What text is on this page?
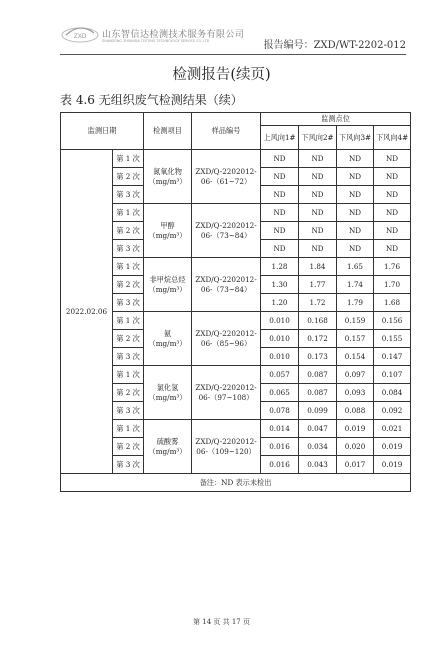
ZXD 山东智信达检测技术服务有限公司
SHANDONG ZHIXINDA TESTING TECHNOLOGY SERVICE CO.,LTD	报告编号：ZXD/WT-2202-012
检测报告(续页)
表 4.6 无组织废气检测结果（续）
监测日期		检测项目	样品编号	监测点位			
				上风向1#	下风向2#	下风向3#	下风向4#
2022.02.06	第 1 次	氮氧化物（mg/m³）	ZXD/Q-2202012-06-（61~72）	ND	ND	ND	ND
	第 2 次			ND	ND	ND	ND
	第 3 次			ND	ND	ND	ND
	第 1 次	甲醇（mg/m³）	ZXD/Q-2202012-06-（73~84）	ND	ND	ND	ND
	第 2 次			ND	ND	ND	ND
	第 3 次			ND	ND	ND	ND
	第 1 次	非甲烷总烃（mg/m³）	ZXD/Q-2202012-06-（73~84）	1.28	1.84	1.65	1.76
	第 2 次			1.30	1.77	1.74	1.70
	第 3 次			1.20	1.72	1.79	1.68
	第 1 次	氨（mg/m³）	ZXD/Q-2202012-06-（85~96）	0.010	0.168	0.159	0.156
	第 2 次			0.010	0.172	0.157	0.155
	第 3 次			0.010	0.173	0.154	0.147
	第 1 次	氯化氢（mg/m³）	ZXD/Q-2202012-06-（97~108）	0.057	0.087	0.097	0.107
	第 2 次			0.065	0.087	0.093	0.084
	第 3 次			0.078	0.099	0.088	0.092
	第 1 次	硫酸雾（mg/m³）	ZXD/Q-2202012-06-（109~120）	0.014	0.047	0.019	0.021
	第 2 次			0.016	0.034	0.020	0.019
	第 3 次			0.016	0.043	0.017	0.019
备注：ND 表示未检出							
第 14 页 共 17 页
